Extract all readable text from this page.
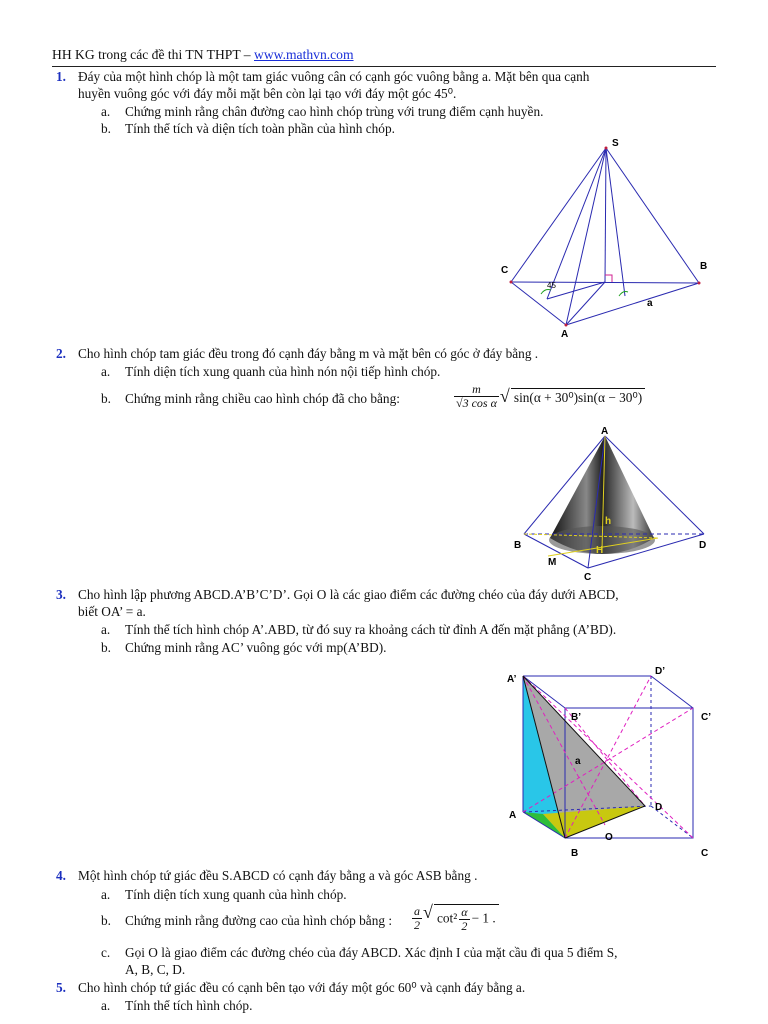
HH KG trong các đề thi TN THPT – www.mathvn.com
1. Đáy của một hình chóp là một tam giác vuông cân có cạnh góc vuông bằng a. Mặt bên qua cạnh
huyền vuông góc với đáy mỗi mặt bên còn lại tạo với đáy một góc 45⁰.
a. Chứng minh rằng chân đường cao hình chóp trùng với trung điểm cạnh huyền.
b. Tính thể tích và diện tích toàn phần của hình chóp.
S
C	B
A
a
45
2. Cho hình chóp tam giác đều trong đó cạnh đáy bằng m và mặt bên có góc ở đáy bằng .
a. Tính diện tích xung quanh của hình nón nội tiếp hình chóp.
b. Chứng minh rằng chiều cao hình chóp đã cho bằng:	$\frac{m}{\text{√3 cos α}}$ √ sin(α + 30⁰)sin(α − 30⁰)
A
B	D
C
M
H
h
3. Cho hình lập phương ABCD.A’B’C’D’. Gọi O là các giao điểm các đường chéo của đáy dưới ABCD,
biết OA’ = a.
a. Tính thể tích hình chóp A’.ABD, từ đó suy ra khoảng cách từ đỉnh A đến mặt phẳng (A’BD).
b. Chứng minh rằng AC’ vuông góc với mp(A’BD).
A’
D’
B’	C’
A
D
B	C
O
a
4. Một hình chóp tứ giác đều S.ABCD có cạnh đáy bằng a và góc ASB bằng .
a. Tính diện tích xung quanh của hình chóp.
b. Chứng minh rằng đường cao của hình chóp bằng : $\frac{a}{2}$ √ $\cot^2 \frac{\alpha}{2} - 1$ .
c. Gọi O là giao điểm các đường chéo của đáy ABCD. Xác định I của mặt cầu đi qua 5 điểm S,
A, B, C, D.
5. Cho hình chóp tứ giác đều có cạnh bên tạo với đáy một góc 60⁰ và cạnh đáy bằng a.
a. Tính thể tích hình chóp.
